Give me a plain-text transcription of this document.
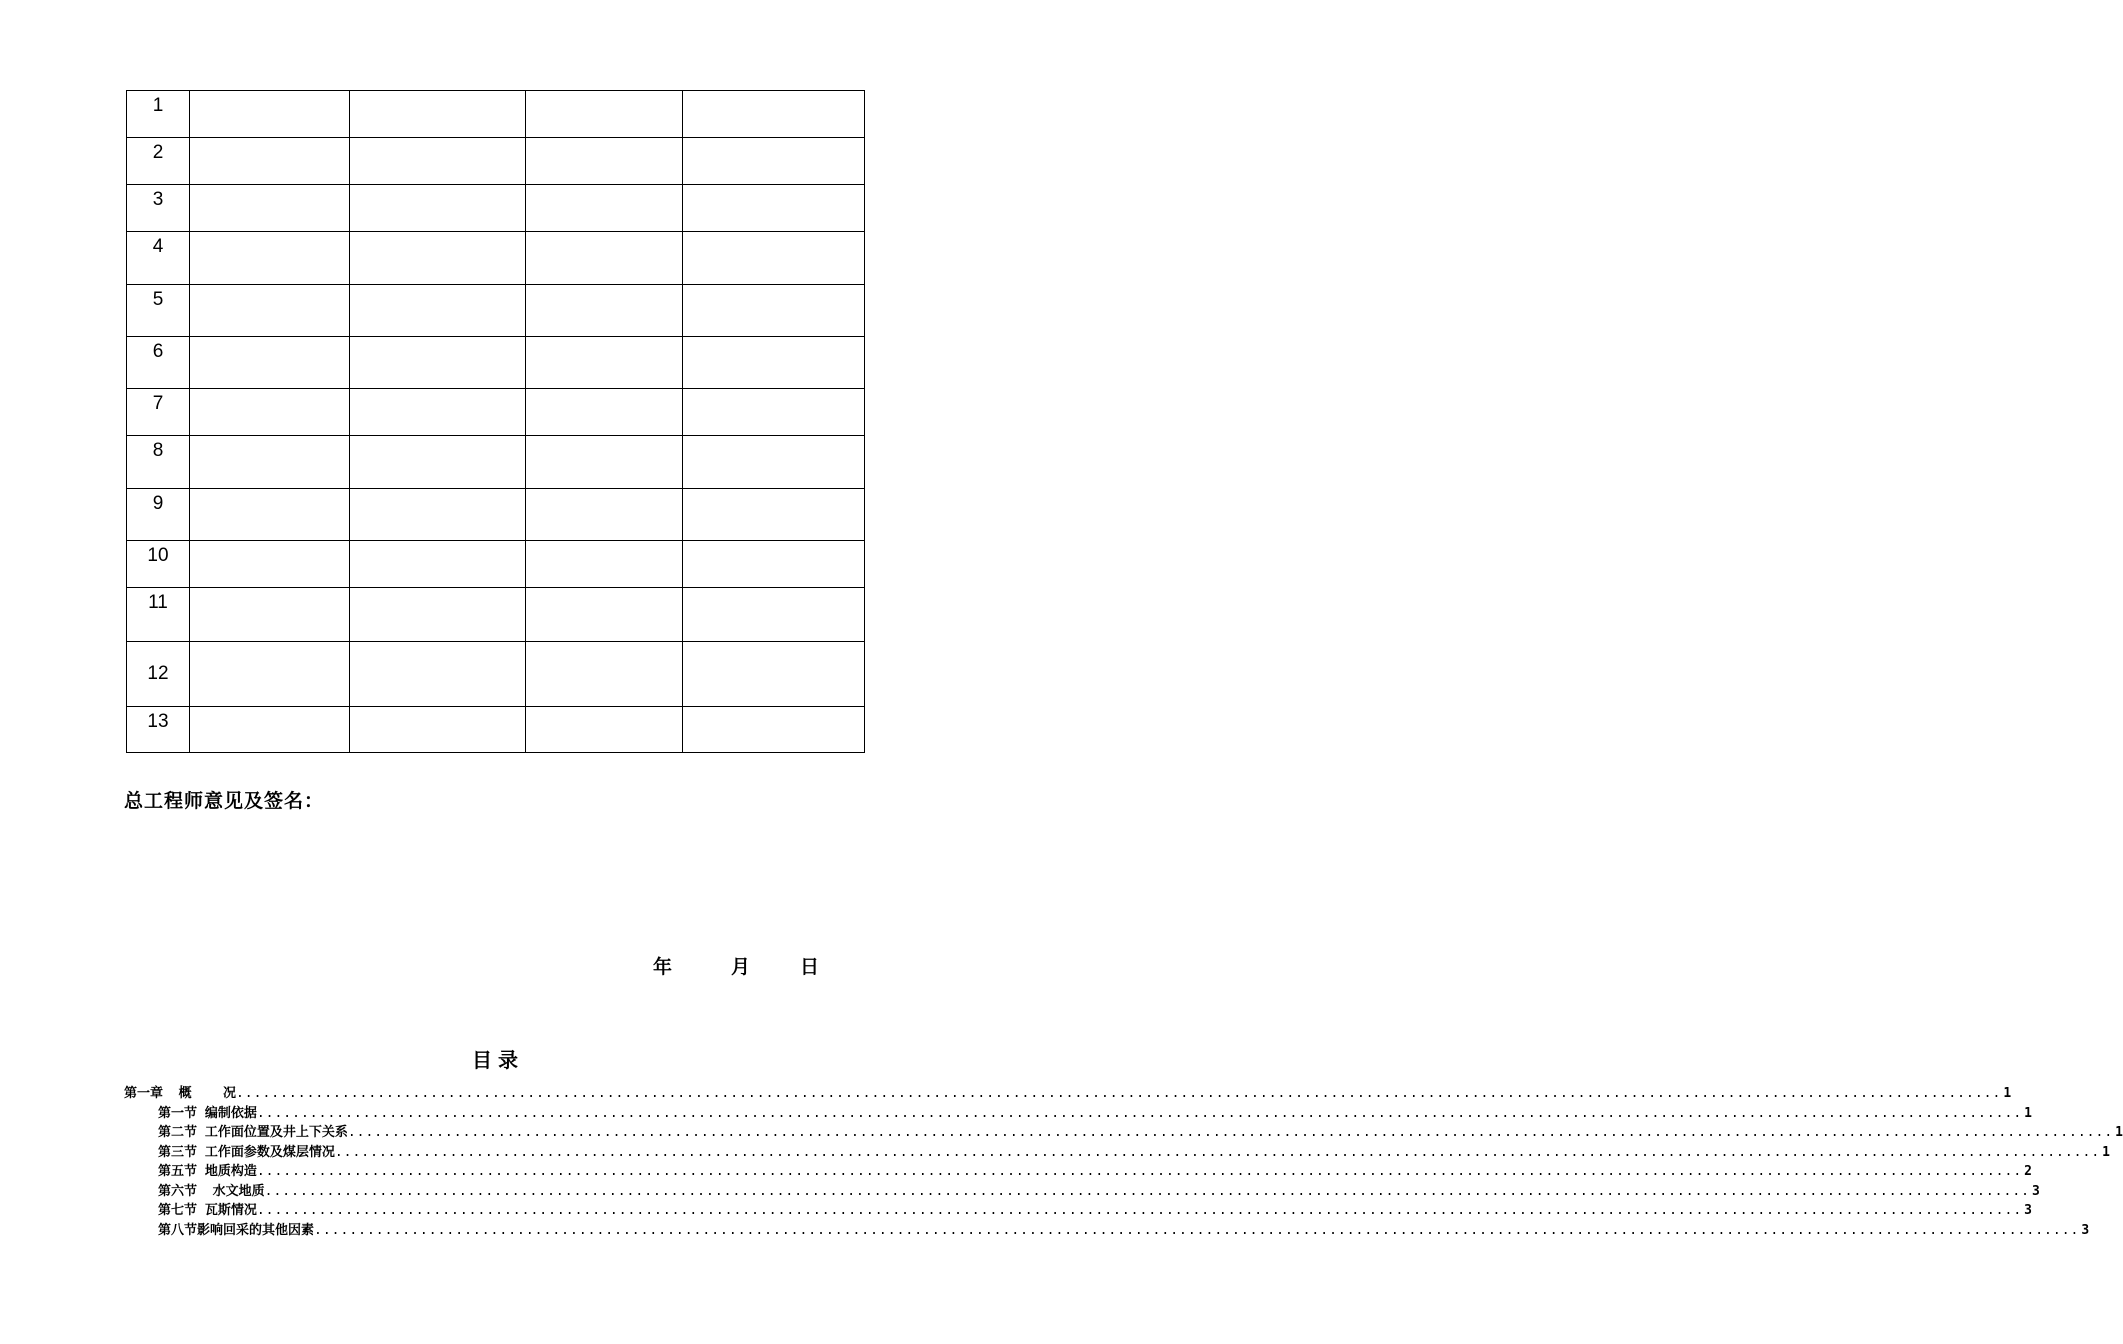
1				
2				
3				
4				
5				
6				
7				
8				
9				
10				
11				
12				
13				
总工程师意见及签名：
年	月	日
目录
第一章  概    况 ........................................................................................................................................................................................................ 1
第一节 编制依据 ........................................................................................................................................................................................................ 1
第二节 工作面位置及井上下关系 ........................................................................................................................................................................................................ 1
第三节 工作面参数及煤层情况 ........................................................................................................................................................................................................ 1
第五节 地质构造 ........................................................................................................................................................................................................ 2
第六节  水文地质 ........................................................................................................................................................................................................ 3
第七节 瓦斯情况 ........................................................................................................................................................................................................ 3
第八节影响回采的其他因素 ........................................................................................................................................................................................................ 3
